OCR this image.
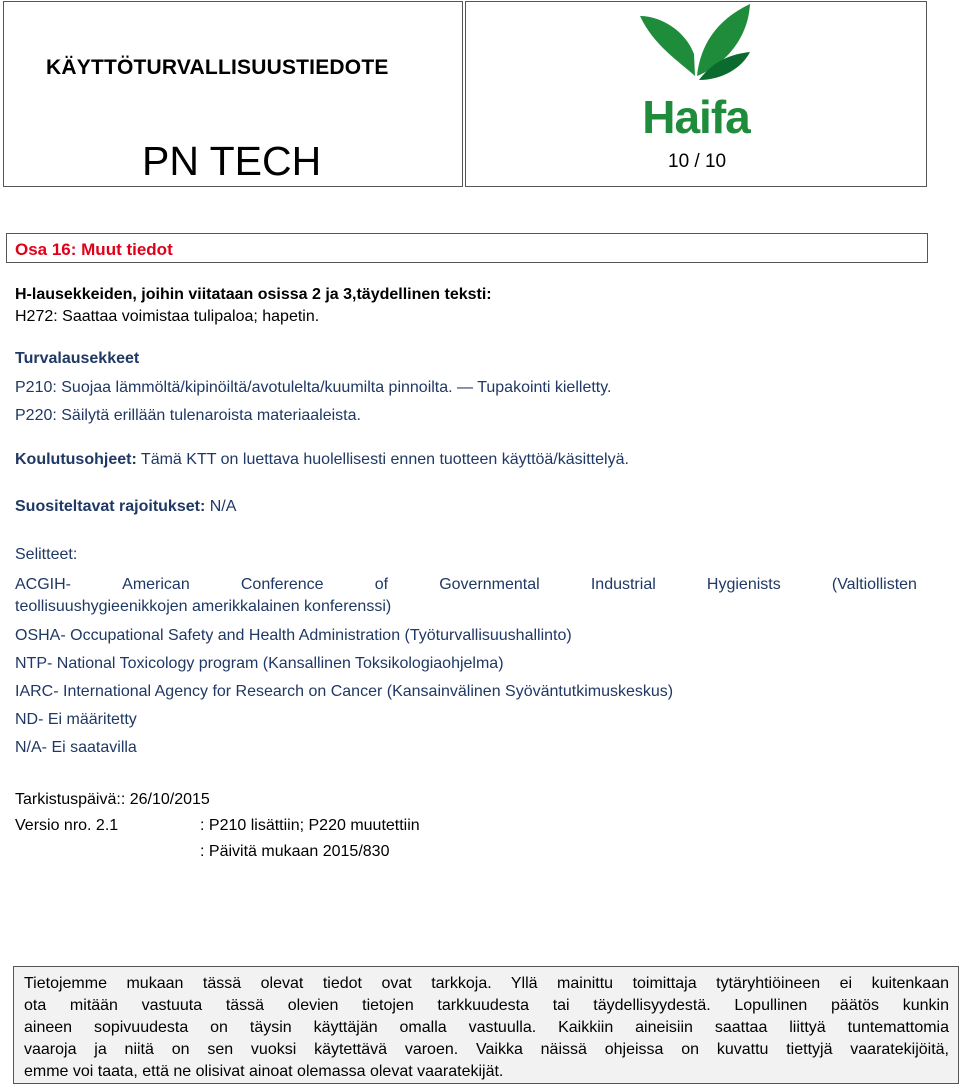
KÄYTTÖTURVALLISUUSTIEDOTE
PN TECH	10 / 10
Haifa
Osa 16: Muut tiedot
H-lausekkeiden, joihin viitataan osissa 2 ja 3,täydellinen teksti:
H272: Saattaa voimistaa tulipaloa; hapetin.
Turvalausekkeet
P210: Suojaa lämmöltä/kipinöiltä/avotulelta/kuumilta pinnoilta. — Tupakointi kielletty.
P220: Säilytä erillään tulenaroista materiaaleista.
Koulutusohjeet: Tämä KTT on luettava huolellisesti ennen tuotteen käyttöä/käsittelyä.
Suositeltavat rajoitukset: N/A
Selitteet:
ACGIH-	American	Conference	of	Governmental	Industrial	Hygienists	(Valtiollisten
teollisuushygieenikkojen amerikkalainen konferenssi)
OSHA- Occupational Safety and Health Administration (Työturvallisuushallinto)
NTP- National Toxicology program (Kansallinen Toksikologiaohjelma)
IARC- International Agency for Research on Cancer (Kansainvälinen Syöväntutkimuskeskus)
ND- Ei määritetty
N/A- Ei saatavilla
Tarkistuspäivä:: 26/10/2015
Versio nro. 2.1	: P210 lisättiin; P220 muutettiin
: Päivitä mukaan 2015/830
Tietojemme mukaan tässä olevat tiedot ovat tarkkoja. Yllä mainittu toimittaja tytäryhtiöineen ei kuitenkaan
ota mitään vastuuta tässä olevien tietojen tarkkuudesta tai täydellisyydestä. Lopullinen päätös kunkin
aineen sopivuudesta on täysin käyttäjän omalla vastuulla. Kaikkiin aineisiin saattaa liittyä tuntemattomia
vaaroja ja niitä on sen vuoksi käytettävä varoen. Vaikka näissä ohjeissa on kuvattu tiettyjä vaaratekijöitä,
emme voi taata, että ne olisivat ainoat olemassa olevat vaaratekijät.
